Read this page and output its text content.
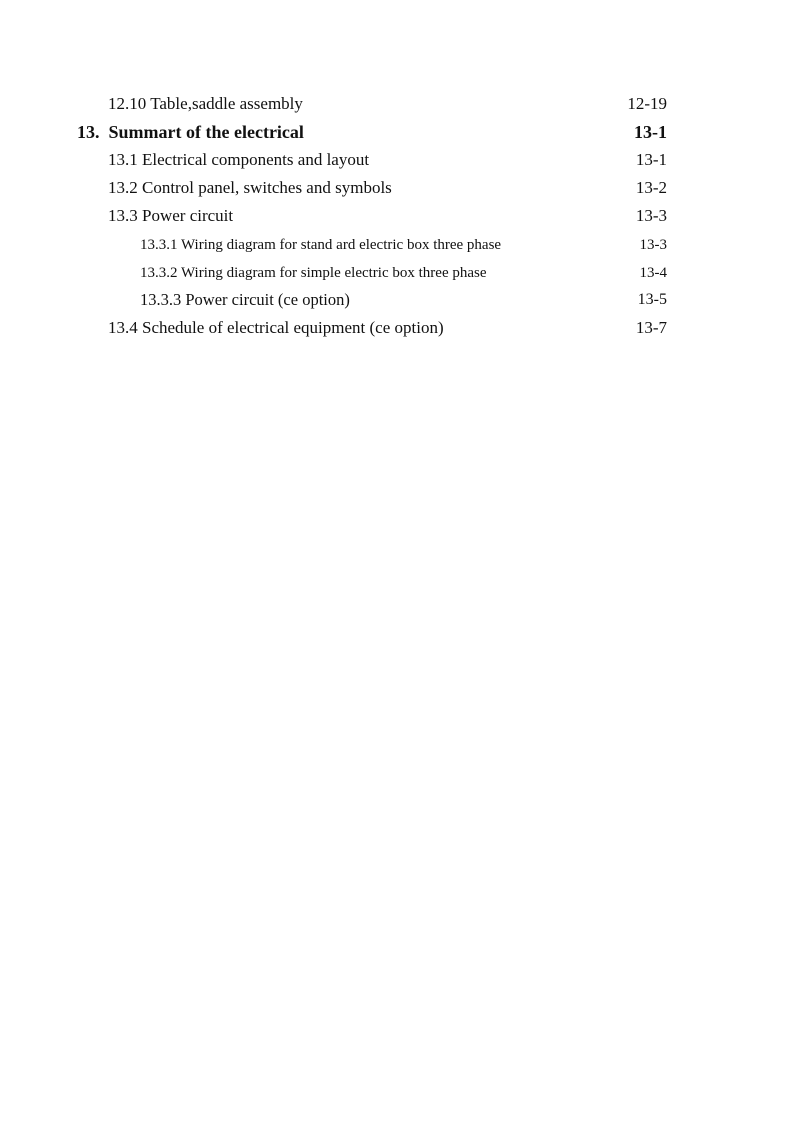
12.10 Table,saddle assembly	12-19
13.  Summart of the electrical	13-1
13.1 Electrical components and layout	13-1
13.2 Control panel, switches and symbols	13-2
13.3 Power circuit	13-3
13.3.1 Wiring diagram for stand ard electric box three phase	13-3
13.3.2 Wiring diagram for simple electric box three phase	13-4
13.3.3 Power circuit (ce option)	13-5
13.4 Schedule of electrical equipment (ce option)	13-7
